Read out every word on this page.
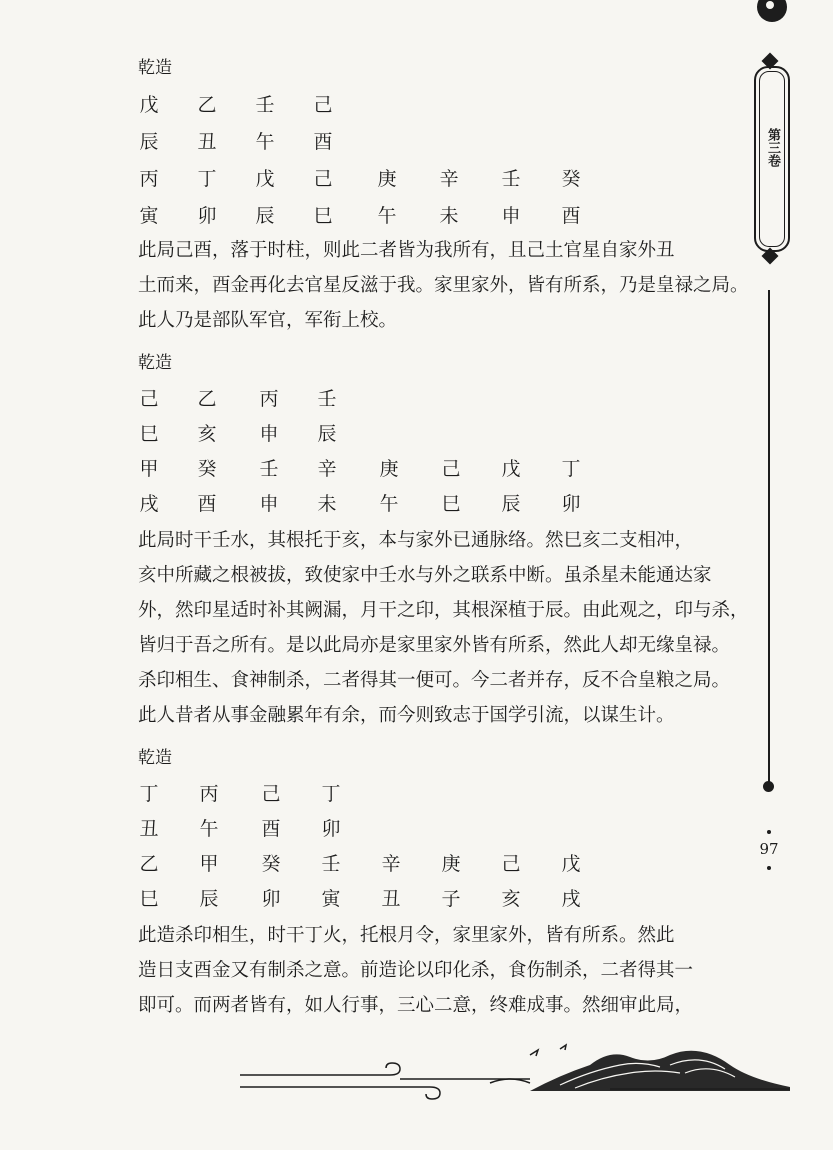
乾造
戊 乙 壬 己
辰 丑 午 酉
丙 丁 戊 己 庚 辛 壬 癸
寅 卯 辰 巳 午 未 申 酉
此局己酉，落于时柱，则此二者皆为我所有，且己土官星自家外丑
土而来，酉金再化去官星反滋于我。家里家外，皆有所系，乃是皇禄之局。
此人乃是部队军官，军衔上校。
乾造
己 乙 丙 壬
巳 亥 申 辰
甲 癸 壬 辛 庚 己 戊 丁
戌 酉 申 未 午 巳 辰 卯
此局时干壬水，其根托于亥，本与家外已通脉络。然巳亥二支相冲，
亥中所藏之根被拔，致使家中壬水与外之联系中断。虽杀星未能通达家
外，然印星适时补其阙漏，月干之印，其根深植于辰。由此观之，印与杀，
皆归于吾之所有。是以此局亦是家里家外皆有所系，然此人却无缘皇禄。
杀印相生、食神制杀，二者得其一便可。今二者并存，反不合皇粮之局。
此人昔者从事金融累年有余，而今则致志于国学引流，以谋生计。
乾造
丁 丙 己 丁
丑 午 酉 卯
乙 甲 癸 壬 辛 庚 己 戊
巳 辰 卯 寅 丑 子 亥 戌
此造杀印相生，时干丁火，托根月令，家里家外，皆有所系。然此
造日支酉金又有制杀之意。前造论以印化杀，食伤制杀，二者得其一
即可。而两者皆有，如人行事，三心二意，终难成事。然细审此局，
第三卷
97
